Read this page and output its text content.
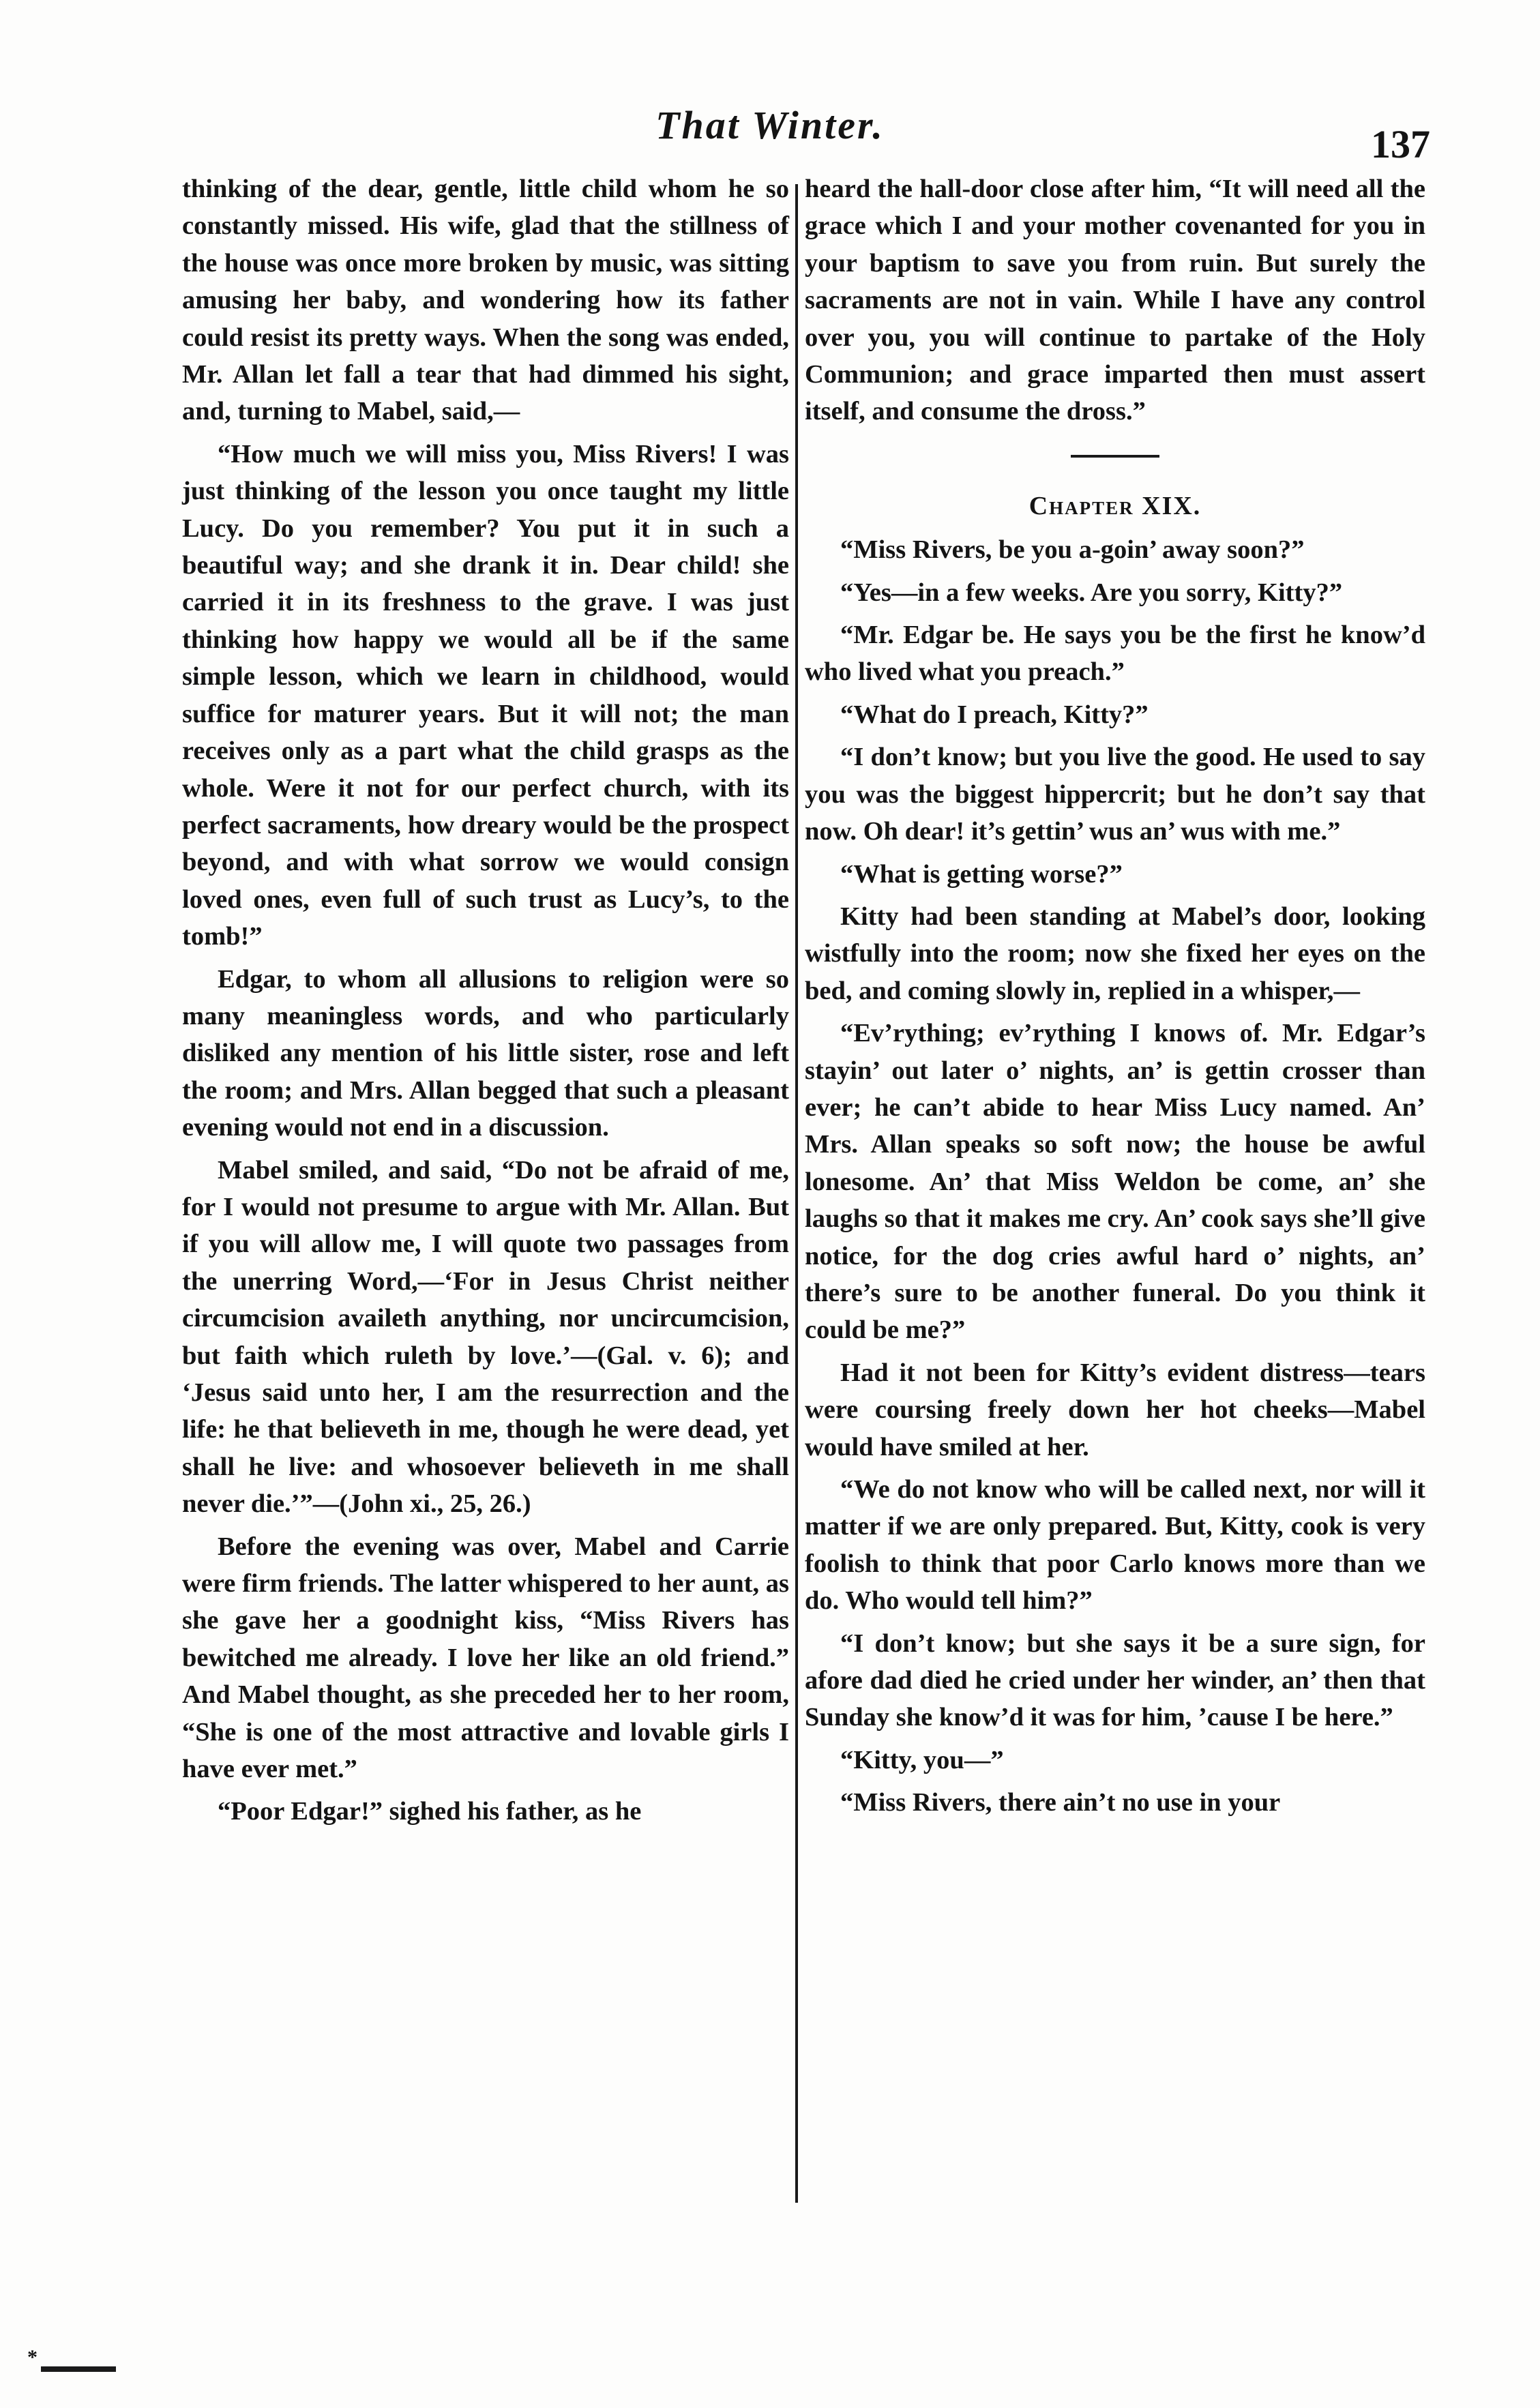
That Winter.	137

thinking of the dear, gentle, little child whom he so constantly missed. His wife, glad that the stillness of the house was once more broken by music, was sitting amusing her baby, and wondering how its father could resist its pretty ways. When the song was ended, Mr. Allan let fall a tear that had dimmed his sight, and, turning to Mabel, said,—

“How much we will miss you, Miss Rivers! I was just thinking of the lesson you once taught my little Lucy. Do you remember? You put it in such a beautiful way; and she drank it in. Dear child! she carried it in its freshness to the grave. I was just thinking how happy we would all be if the same simple lesson, which we learn in childhood, would suffice for maturer years. But it will not; the man receives only as a part what the child grasps as the whole. Were it not for our perfect church, with its perfect sacraments, how dreary would be the prospect beyond, and with what sorrow we would consign loved ones, even full of such trust as Lucy’s, to the tomb!”

Edgar, to whom all allusions to religion were so many meaningless words, and who particularly disliked any mention of his little sister, rose and left the room; and Mrs. Allan begged that such a pleasant evening would not end in a discussion.

Mabel smiled, and said, “Do not be afraid of me, for I would not presume to argue with Mr. Allan. But if you will allow me, I will quote two passages from the unerring Word,—‘For in Jesus Christ neither circumcision availeth anything, nor uncircumcision, but faith which ruleth by love.’—(Gal. v. 6); and ‘Jesus said unto her, I am the resurrection and the life: he that believeth in me, though he were dead, yet shall he live: and whosoever believeth in me shall never die.’”—(John xi., 25, 26.)

Before the evening was over, Mabel and Carrie were firm friends. The latter whispered to her aunt, as she gave her a goodnight kiss, “Miss Rivers has bewitched me already. I love her like an old friend.” And Mabel thought, as she preceded her to her room, “She is one of the most attractive and lovable girls I have ever met.”

“Poor Edgar!” sighed his father, as he

heard the hall-door close after him, “It will need all the grace which I and your mother covenanted for you in your baptism to save you from ruin. But surely the sacraments are not in vain. While I have any control over you, you will continue to partake of the Holy Communion; and grace imparted then must assert itself, and consume the dross.”

Chapter XIX.

“Miss Rivers, be you a-goin’ away soon?”

“Yes—in a few weeks. Are you sorry, Kitty?”

“Mr. Edgar be. He says you be the first he know’d who lived what you preach.”

“What do I preach, Kitty?”

“I don’t know; but you live the good. He used to say you was the biggest hippercrit; but he don’t say that now. Oh dear! it’s gettin’ wus an’ wus with me.”

“What is getting worse?”

Kitty had been standing at Mabel’s door, looking wistfully into the room; now she fixed her eyes on the bed, and coming slowly in, replied in a whisper,—

“Ev’rything; ev’rything I knows of. Mr. Edgar’s stayin’ out later o’ nights, an’ is gettin crosser than ever; he can’t abide to hear Miss Lucy named. An’ Mrs. Allan speaks so soft now; the house be awful lonesome. An’ that Miss Weldon be come, an’ she laughs so that it makes me cry. An’ cook says she’ll give notice, for the dog cries awful hard o’ nights, an’ there’s sure to be another funeral. Do you think it could be me?”

Had it not been for Kitty’s evident distress—tears were coursing freely down her hot cheeks—Mabel would have smiled at her.

“We do not know who will be called next, nor will it matter if we are only prepared. But, Kitty, cook is very foolish to think that poor Carlo knows more than we do. Who would tell him?”

“I don’t know; but she says it be a sure sign, for afore dad died he cried under her winder, an’ then that Sunday she know’d it was for him, ’cause I be here.”

“Kitty, you—”

“Miss Rivers, there ain’t no use in your

*
